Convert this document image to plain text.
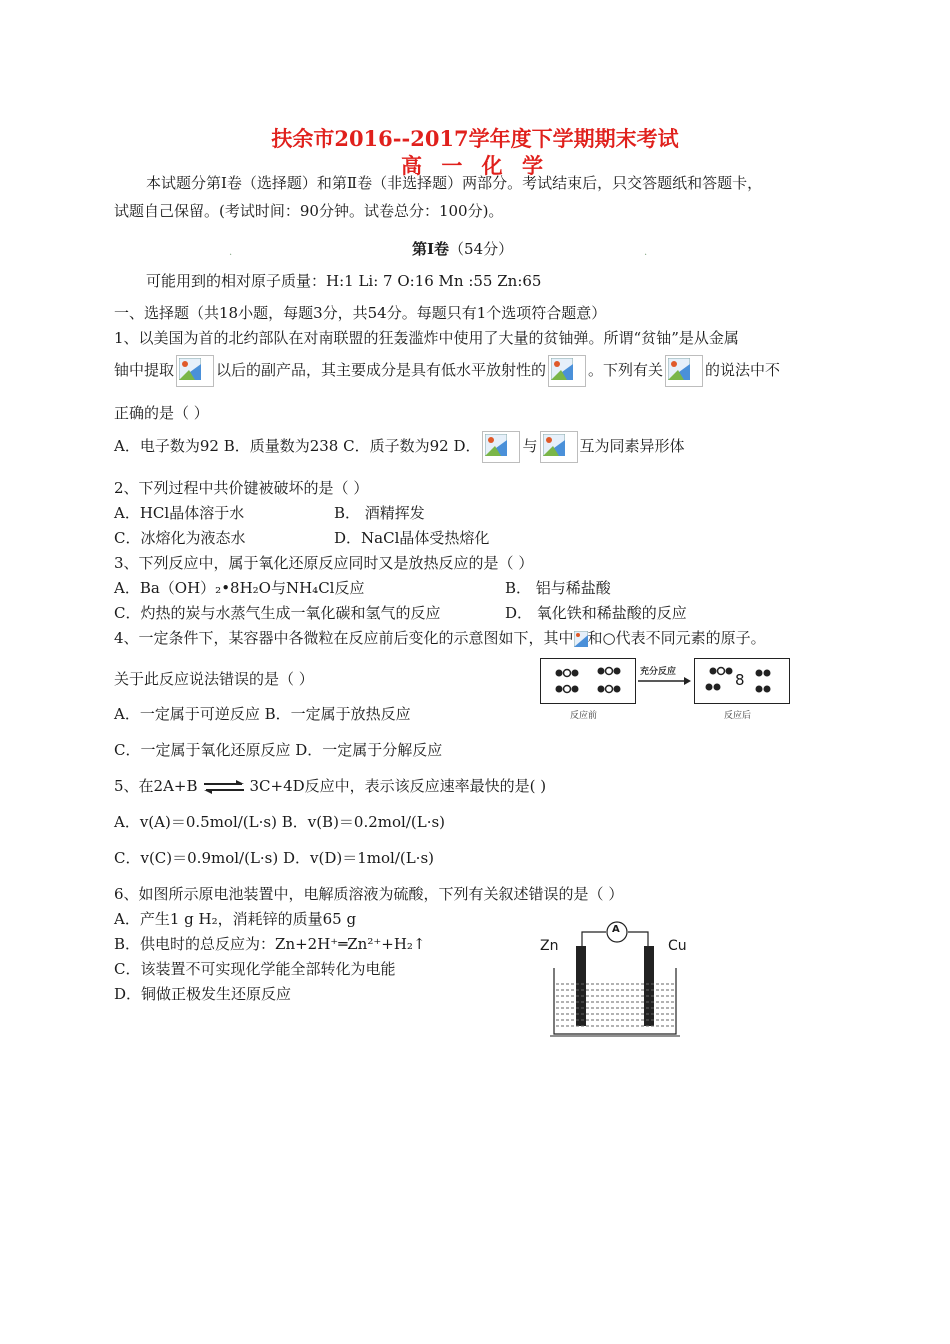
扶余市2016--2017学年度下学期期末考试
高 一 化 学
本试题分第Ⅰ卷（选择题）和第Ⅱ卷（非选择题）两部分。考试结束后，只交答题纸和答题卡，
试题自己保留。(考试时间：90分钟。试卷总分：100分)。
.	第Ⅰ卷（54分）	.
可能用到的相对原子质量：H:1 Li: 7 O:16 Mn :55 Zn:65
一、选择题（共18小题，每题3分，共54分。每题只有1个选项符合题意）
1、以美国为首的北约部队在对南联盟的狂轰滥炸中使用了大量的贫铀弹。所谓“贫铀”是从金属
铀中提取	以后的副产品，其主要成分是具有低水平放射性的	。下列有关	的说法中不
正确的是（ ）
A．电子数为92 B．质量数为238 C．质子数为92 D．	与	互为同素异形体
2、下列过程中共价键被破坏的是（ ）
A．HCl晶体溶于水	B． 酒精挥发
C．冰熔化为液态水	D．NaCl晶体受热熔化
3、下列反应中，属于氧化还原反应同时又是放热反应的是（ ）
A．Ba（OH）₂•8H₂O与NH₄Cl反应	B． 铝与稀盐酸
C．灼热的炭与水蒸气生成一氧化碳和氢气的反应	D． 氧化铁和稀盐酸的反应
4、一定条件下，某容器中各微粒在反应前后变化的示意图如下，其中 和○代表不同元素的原子。
关于此反应说法错误的是（ ）	充分反应	8
反应前	反应后
A．一定属于可逆反应 B．一定属于放热反应
C．一定属于氧化还原反应 D．一定属于分解反应
5、在2A+B ⇌ 3C+4D反应中，表示该反应速率最快的是( )
A．v(A)＝0.5mol/(L·s) B．v(B)＝0.2mol/(L·s)
C．v(C)＝0.9mol/(L·s) D．v(D)＝1mol/(L·s)
6、如图所示原电池装置中，电解质溶液为硫酸，下列有关叙述错误的是（ ）
A．产生1 g H₂，消耗锌的质量65 g
B．供电时的总反应为：Zn+2H⁺═Zn²⁺+H₂↑
C．该装置不可实现化学能全部转化为电能
D．铜做正极发生还原反应
Zn	Cu
A
